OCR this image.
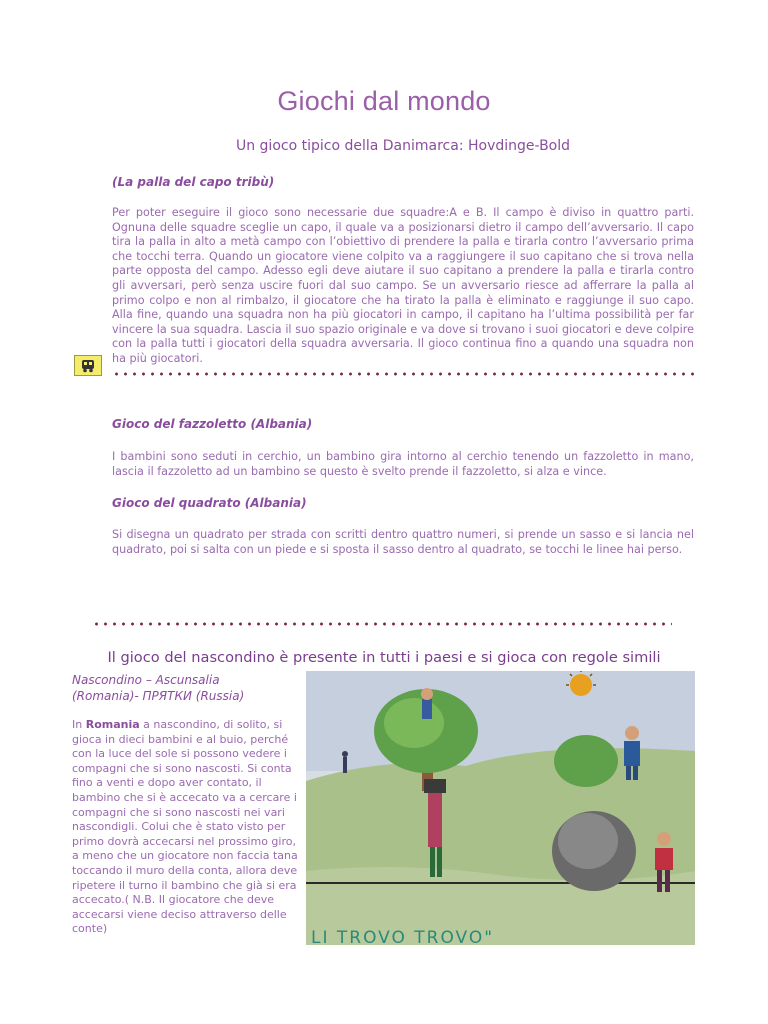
Giochi dal mondo
Un gioco tipico della Danimarca: Hovdinge-Bold
(La palla del capo tribù)
Per poter eseguire il gioco sono necessarie due squadre:A e B. Il campo è diviso in quattro parti. Ognuna delle squadre sceglie un capo, il quale va a posizionarsi dietro il campo dell’avversario. Il capo tira la palla in alto a metà campo con l’obiettivo di prendere la palla e tirarla contro l’avversario prima che tocchi terra. Quando un giocatore viene colpito va a raggiungere il suo capitano che si trova nella parte opposta del campo. Adesso egli deve aiutare il suo capitano a prendere la palla e tirarla contro gli avversari, però senza uscire fuori dal suo campo. Se un avversario riesce ad afferrare la palla al primo colpo e non al rimbalzo, il giocatore che ha tirato la palla è eliminato e raggiunge il suo capo. Alla fine, quando una squadra non ha più giocatori in campo, il capitano ha l’ultima possibilità per far vincere la sua squadra. Lascia il suo spazio originale e va dove si trovano i suoi giocatori e deve colpire con la palla tutti i giocatori della squadra avversaria. Il gioco continua fino a quando una squadra non ha più giocatori.
Gioco del fazzoletto (Albania)
I bambini sono seduti in cerchio, un bambino gira intorno al cerchio tenendo un fazzoletto in mano, lascia il fazzoletto ad un bambino se questo è svelto prende il fazzoletto, si alza e vince.
Gioco del quadrato (Albania)
Si disegna un quadrato per strada con scritti dentro quattro numeri, si prende un sasso e si lancia nel quadrato, poi si salta con un piede e si sposta il sasso dentro al quadrato, se tocchi le linee hai perso.
Il gioco del nascondino è presente in tutti i paesi e si gioca con regole simili
Nascondino – Ascunsalia
(Romania)- ПРЯТКИ (Russia)
In Romania a nascondino, di solito, si gioca in dieci bambini e al buio, perché con la luce del sole si possono vedere i compagni che si sono nascosti. Si conta fino a venti e dopo aver contato, il bambino che si è accecato va a cercare i compagni che si sono nascosti nei vari nascondigli. Colui che è stato visto per primo dovrà accecarsi nel prossimo giro, a meno che un giocatore non faccia tana toccando il muro della conta, allora deve ripetere il turno il bambino che già si era accecato.( N.B. Il giocatore che deve accecarsi viene deciso attraverso delle conte)	LI TROVO TROVO"
